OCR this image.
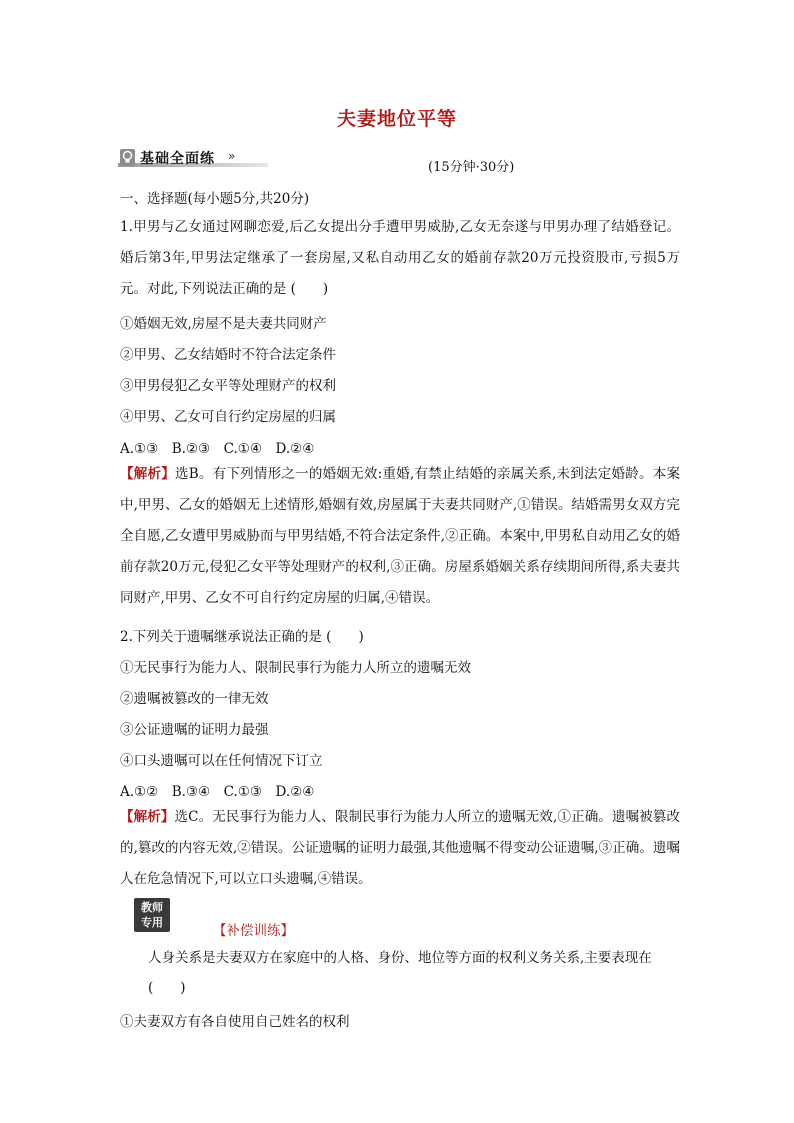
夫妻地位平等
基础全面练 »
(15分钟·30分)
一、选择题(每小题5分,共20分)
1.甲男与乙女通过网聊恋爱,后乙女提出分手遭甲男威胁,乙女无奈遂与甲男办理了结婚登记。婚后第3年,甲男法定继承了一套房屋,又私自动用乙女的婚前存款20万元投资股市,亏损5万元。对此,下列说法正确的是 (　　)
①婚姻无效,房屋不是夫妻共同财产
②甲男、乙女结婚时不符合法定条件
③甲男侵犯乙女平等处理财产的权利
④甲男、乙女可自行约定房屋的归属
A.①③　B.②③　C.①④　D.②④
【解析】选B。有下列情形之一的婚姻无效:重婚,有禁止结婚的亲属关系,未到法定婚龄。本案中,甲男、乙女的婚姻无上述情形,婚姻有效,房屋属于夫妻共同财产,①错误。结婚需男女双方完全自愿,乙女遭甲男威胁而与甲男结婚,不符合法定条件,②正确。本案中,甲男私自动用乙女的婚前存款20万元,侵犯乙女平等处理财产的权利,③正确。房屋系婚姻关系存续期间所得,系夫妻共同财产,甲男、乙女不可自行约定房屋的归属,④错误。
2.下列关于遗嘱继承说法正确的是 (　　)
①无民事行为能力人、限制民事行为能力人所立的遗嘱无效
②遗嘱被篡改的一律无效
③公证遗嘱的证明力最强
④口头遗嘱可以在任何情况下订立
A.①②　B.③④　C.①③　D.②④
【解析】选C。无民事行为能力人、限制民事行为能力人所立的遗嘱无效,①正确。遗嘱被篡改的,篡改的内容无效,②错误。公证遗嘱的证明力最强,其他遗嘱不得变动公证遗嘱,③正确。遗嘱人在危急情况下,可以立口头遗嘱,④错误。
教师
专用
【补偿训练】
人身关系是夫妻双方在家庭中的人格、身份、地位等方面的权利义务关系,主要表现在
(　　)
①夫妻双方有各自使用自己姓名的权利
